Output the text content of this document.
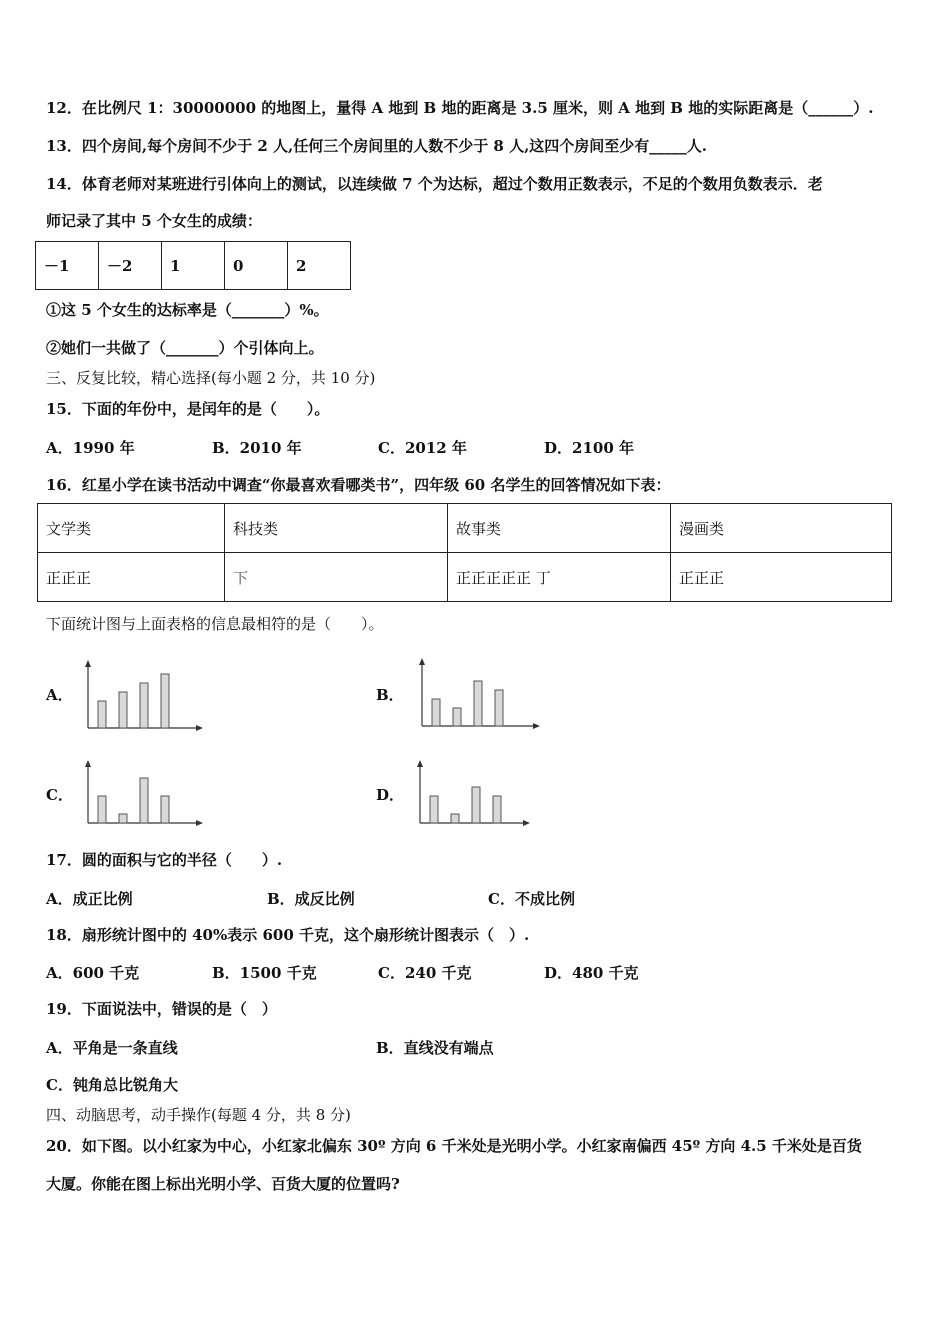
12．在比例尺 1：30000000 的地图上，量得 A 地到 B 地的距离是 3.5 厘米，则 A 地到 B 地的实际距离是（______）.
13．四个房间,每个房间不少于 2 人,任何三个房间里的人数不少于 8 人,这四个房间至少有_____人.
14．体育老师对某班进行引体向上的测试，以连续做 7 个为达标，超过个数用正数表示，不足的个数用负数表示．老
师记录了其中 5 个女生的成绩：
－1	－2	1	0	2
①这 5 个女生的达标率是（_______）%。
②她们一共做了（_______）个引体向上。
三、反复比较，精心选择(每小题 2 分，共 10 分)
15．下面的年份中，是闰年的是（　　）。
A．1990 年	B．2010 年	C．2012 年	D．2100 年
16．红星小学在读书活动中调查“你最喜欢看哪类书”，四年级 60 名学生的回答情况如下表：
文学类	科技类	故事类	漫画类
正正正	下	正正正正正 丁	正正正
下面统计图与上面表格的信息最相符的是（　　）。
A．	B．
C．	D．
17．圆的面积与它的半径（　　）.
A．成正比例	B．成反比例	C．不成比例
18．扇形统计图中的 40%表示 600 千克，这个扇形统计图表示（　）.
A．600 千克	B．1500 千克	C．240 千克	D．480 千克
19．下面说法中，错误的是（　）
A．平角是一条直线	B．直线没有端点
C．钝角总比锐角大
四、动脑思考，动手操作(每题 4 分，共 8 分)
20．如下图。以小红家为中心，小红家北偏东 30º 方向 6 千米处是光明小学。小红家南偏西 45º 方向 4.5 千米处是百货
大厦。你能在图上标出光明小学、百货大厦的位置吗?
